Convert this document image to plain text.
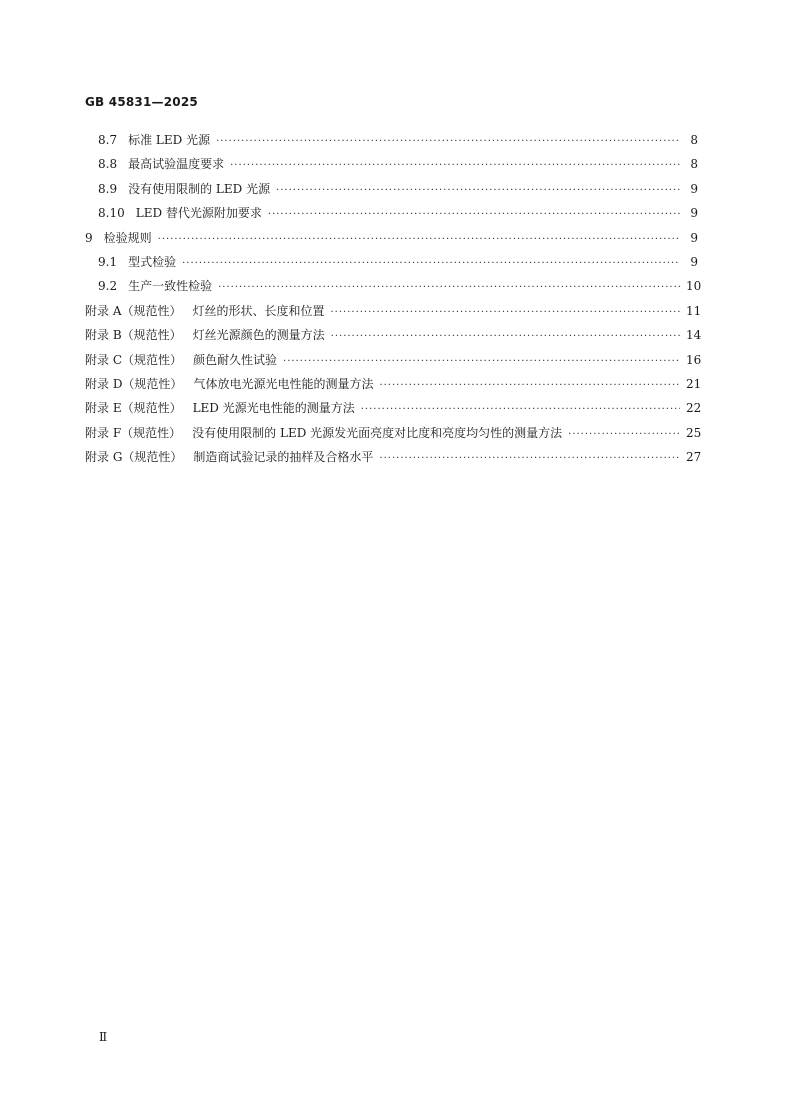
GB 45831—2025
8.7 标准 LED 光源 ·····	8
8.8 最高试验温度要求 ·····	8
8.9 没有使用限制的 LED 光源 ·····	9
8.10 LED 替代光源附加要求 ·····	9
9 检验规则 ·····	9
9.1 型式检验 ·····	9
9.2 生产一致性检验 ·····	10
附录 A（规范性） 灯丝的形状、长度和位置 ·····	11
附录 B（规范性） 灯丝光源颜色的测量方法 ·····	14
附录 C（规范性） 颜色耐久性试验 ·····	16
附录 D（规范性） 气体放电光源光电性能的测量方法 ·····	21
附录 E（规范性） LED 光源光电性能的测量方法 ·····	22
附录 F（规范性） 没有使用限制的 LED 光源发光面亮度对比度和亮度均匀性的测量方法 ·····	25
附录 G（规范性） 制造商试验记录的抽样及合格水平 ·····	27
Ⅱ
